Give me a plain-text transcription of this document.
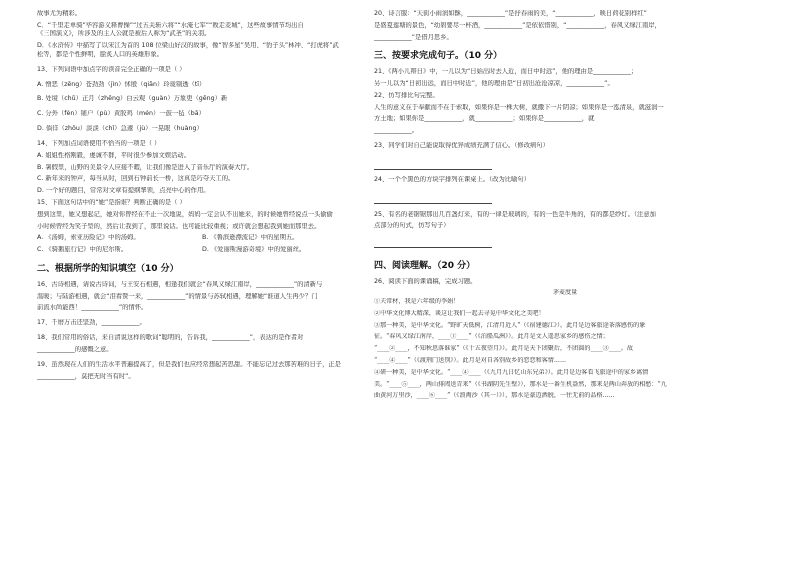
故事尤为精彩。
C．“千里走单骑”毕容游义释曹操”“过五关斩六将”“水淹七军”“败走麦城”，这些故事情节均出自
《三国演义》，所涉及的主人公就是被后人称为“武圣”的关羽。
D．《水浒传》中描写了以宋江为首的 108 位梁山好汉的故事，像“智多星”吴用、“豹子头”林冲、“打虎将”武
松等，都是个性鲜明，脍炙人口的英雄形象。
13、下列词语中加点字的读音完全正确的一项是（ ）
A. 憎恶（zēng）苍劲劲（jìn）怵殷（qiān）玲珑剔透（tī）
B. 处境（chǔ）正月（zhēng）白云观（guàn）万象更（gēng）新
C. 分外（fèn）铺户（pù）黄胶鸡（mén）一鼓一毡（bā）
D. 倘徉（zhōu）淡淡（chǐ）急遽（jù）一晃眼（huàng）
14、下列加点词语使用不恰当的一项是（ ）
A. 姐姐性格刚毅，虔诚不群，平时很少参加文娱活动。
B. 暑假里，山野的美景令人应接不暇，让我们像是进入了音乐厅的演奏大厅。
C. 新年来的钟声，每当从时，回到石钟前长一桥，这真是巧夺天工的。
D. 一个好的题目，常常对文章有提纲挈领，点亮中心的作用。
15、下面这句话中的“她”是指谁？判断正确的是（ ）
想到这里，她又想起记，她对你曾经在不止一次地说，妈妈一定会认不出她来，的时候她曾经说点一头偷偷
小时候曾经为笑子型的，然后让我到了，那里说话。也可能比较重视；或许就会想起我到她而那里去。
A. 《汤姆，索亚历险记》中的汤姆。	B. 《鲁滨逊漂流记》中的星期五。
C. 《骑鹅旅行记》中的尼尔斯。	D. 《爱丽斯漫游奇境》中的爱丽丝。
二、根据所学的知识填空（10 分）
16、古诗相遇，请说古诗词，与王安石相遇，相逢我们就会“春风又绿江南岸，____________”的清新与
温暖；与陆游相遇，就会“泪看赞一来，____________”的情景与苏轼相遇，理解她“谁道人生再少？门
前流水尚能西！____________”的情怀。
17、千磨万击还坚劲，____________。
18、我们常用的俗话，来自清说这样的歌词“聪明的，告诉我，____________”，表达的是作者对
____________的感慨之意。
19、虽然现在人们的生活水平普遍提高了，但是我们也应经常想起苦思甜。不能忘记过去那苦难的日子，正是
____________，莫把无时当有时”。
20、诗言服：“天街小雨润如酥，____________”是抒春雨的美，“____________，映日荷花别样红”
是盛夏莲塘的景色，“幼碧要尽一杯酒，____________”是依依惜别，“____________，春风又绿江南岸，
____________”是借月思乡。
三、按要求完成句子。（10 分）
21、《两小儿辩日》中，一儿以为“日始出时去人近，而日中时远”，他的理由是____________；
另一儿以为“日初出远，而日中时近”，他的理由是“日初出沧沧凉凉，____________”。
22、仿写排比句完整。
人生的意义在于奉献而不在于索取，如果你是一株大树，就撒下一片阴凉；如果你是一泓清泉，就滋润一
方土地；如果你是____________，就____________；如果你是____________，就
____________。
23、同学们对自己能说取得优异成绩充满了信心。（修改病句）
24、一个个黑色的方块字排列在课桌上。（改为比喻句）
25、有名的老锯锯那出几百盏灯来，有的一律是玻璃的，有的一色是牛角的，有的都是纱灯。（注意加
点部分的句式，仿写句子）
四、阅读理解。（20 分）
26、阅读下面的课诵稿，完成习题。
茅麦度量
①夫常材，我是六年级的李娟！
②中华文化博大精深，谈这让我们一起去寻觅中华文化之美吧！
③那一种美，是中华文化。“野旷天低树，江清月近人”（《宿建德江》）。此月是边客旅途茶落感伤的象
征。“春风又绿江南岸，____①____”（《泊船瓜洲》）。此月是文人遥思家乡的感伤之情；
“____②____，不知秋思落谁家”（《十五夜望月》）。此月是天下团聚后，不团圆的____③____。故
“____④____”（《渡荆门送别》）。此月是对自各别故乡的恋恋和客情……
④研一种美，是中华文化。“____④____（《九月九日忆山东兄弟》）。此月是边客看飞旅途中的家乡离情
美。“____⑤____，两山排闼送青来”（《书湖阴先生壁》），那水是一番生机盎然，那来是两山奔放的相愁：“九
曲黄河万里沙，____⑥____”（《浪淘沙（其一）》），那水是豪迈洒脱，一往无前的品格……
